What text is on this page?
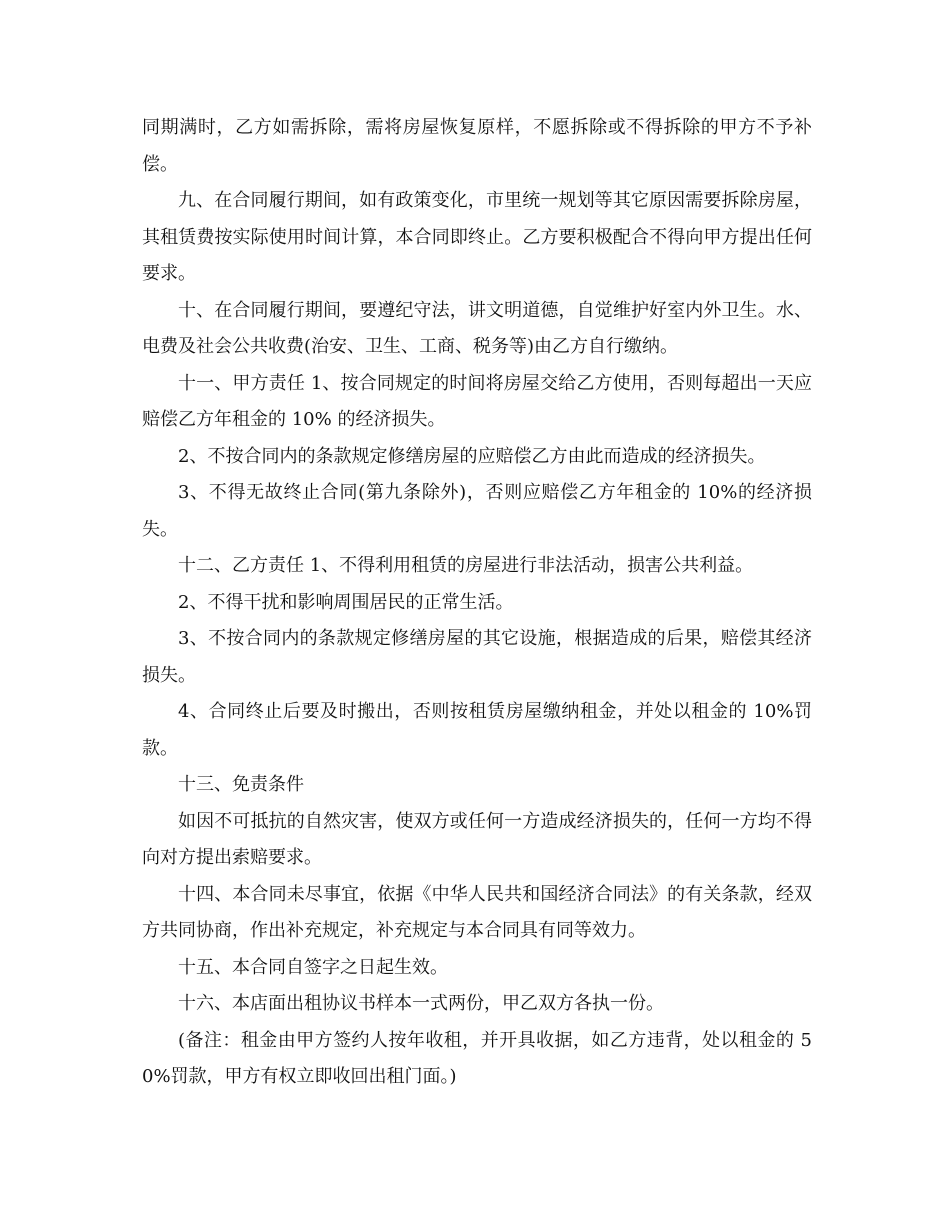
同期满时，乙方如需拆除，需将房屋恢复原样，不愿拆除或不得拆除的甲方不予补偿。

九、在合同履行期间，如有政策变化，市里统一规划等其它原因需要拆除房屋，其租赁费按实际使用时间计算，本合同即终止。乙方要积极配合不得向甲方提出任何要求。

十、在合同履行期间，要遵纪守法，讲文明道德，自觉维护好室内外卫生。水、电费及社会公共收费(治安、卫生、工商、税务等)由乙方自行缴纳。

十一、甲方责任 1、按合同规定的时间将房屋交给乙方使用，否则每超出一天应赔偿乙方年租金的 10% 的经济损失。

2、不按合同内的条款规定修缮房屋的应赔偿乙方由此而造成的经济损失。

3、不得无故终止合同(第九条除外)，否则应赔偿乙方年租金的 10%的经济损失。

十二、乙方责任 1、不得利用租赁的房屋进行非法活动，损害公共利益。

2、不得干扰和影响周围居民的正常生活。

3、不按合同内的条款规定修缮房屋的其它设施，根据造成的后果，赔偿其经济损失。

4、合同终止后要及时搬出，否则按租赁房屋缴纳租金，并处以租金的 10%罚款。

十三、免责条件

如因不可抵抗的自然灾害，使双方或任何一方造成经济损失的，任何一方均不得向对方提出索赔要求。

十四、本合同未尽事宜，依据《中华人民共和国经济合同法》的有关条款，经双方共同协商，作出补充规定，补充规定与本合同具有同等效力。

十五、本合同自签字之日起生效。

十六、本店面出租协议书样本一式两份，甲乙双方各执一份。

(备注：租金由甲方签约人按年收租，并开具收据，如乙方违背，处以租金的 50%罚款，甲方有权立即收回出租门面。)
